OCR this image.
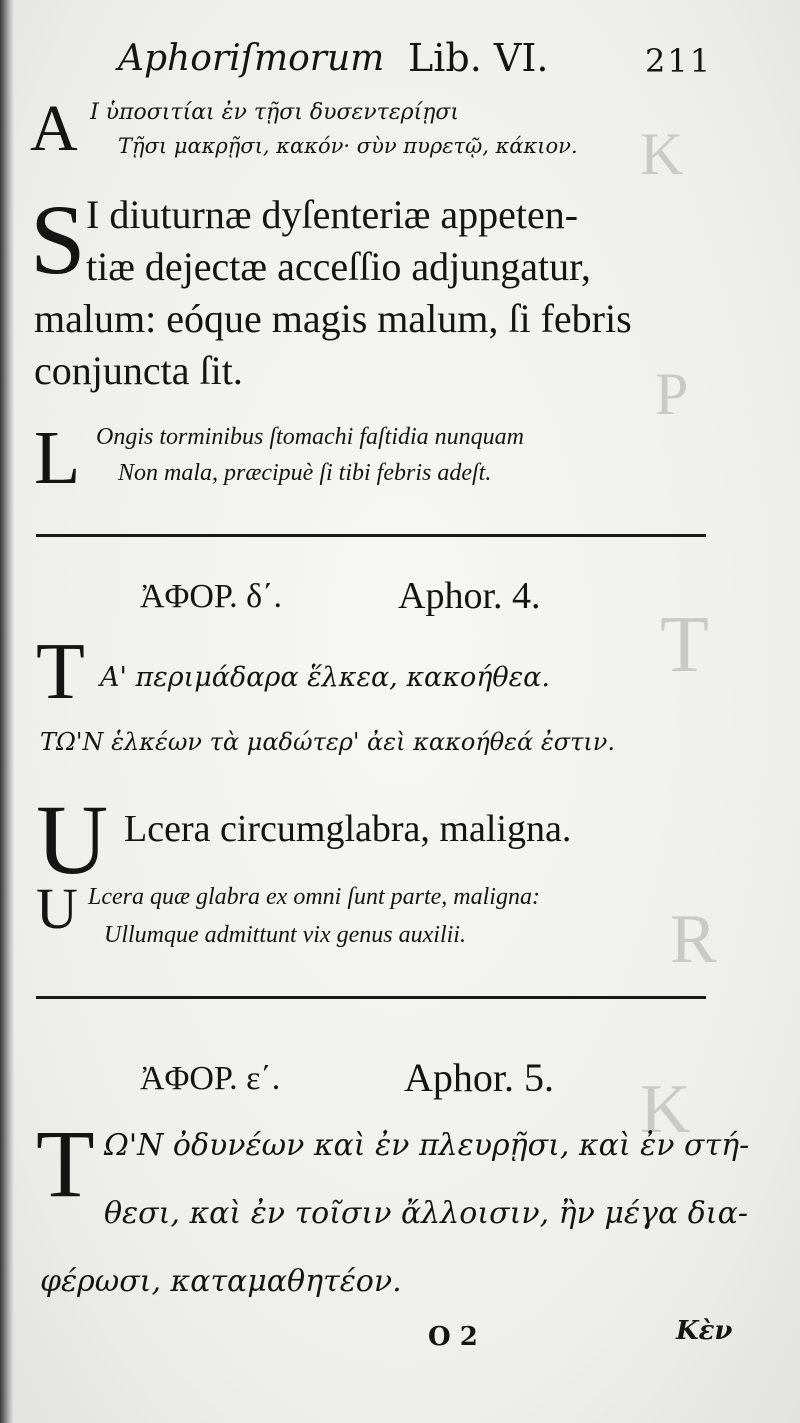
K
P
T
R
K
Aphoriſmorum Lib. VI.	211
A I ὑποσιτίαι ἐν τῇσι δυσεντερίῃσι
Τῇσι μακρῇσι, κακόν· σὺν πυρετῷ, κάκιον.
S I diuturnæ dyſenteriæ appeten-
tiæ dejectæ acceſſio adjungatur,
malum: eóque magis malum, ſi febris
conjuncta ſit.
L Ongis torminibus ſtomachi faſtidia nunquam
Non mala, præcipuè ſi tibi febris adeſt.
ἈΦΟΡ. δ΄.	Aphor. 4.
T A' περιμάδαρα ἕλκεα, κακοήθεα.
ΤΩ'Ν ἑλκέων τὰ μαδώτερ' ἀεὶ κακοήθεά ἐστιν.
U Lcera circumglabra, maligna.
U Lcera quæ glabra ex omni ſunt parte, maligna:
Ullumque admittunt vix genus auxilii.
ἈΦΟΡ. ε΄.	Aphor. 5.
T Ω'Ν ὀδυνέων καὶ ἐν πλευρῇσι, καὶ ἐν στή-
θεσι, καὶ ἐν τοῖσιν ἄλλοισιν, ἢν μέγα δια-
φέρωσι, καταμαθητέον.
O 2	Κὲν
